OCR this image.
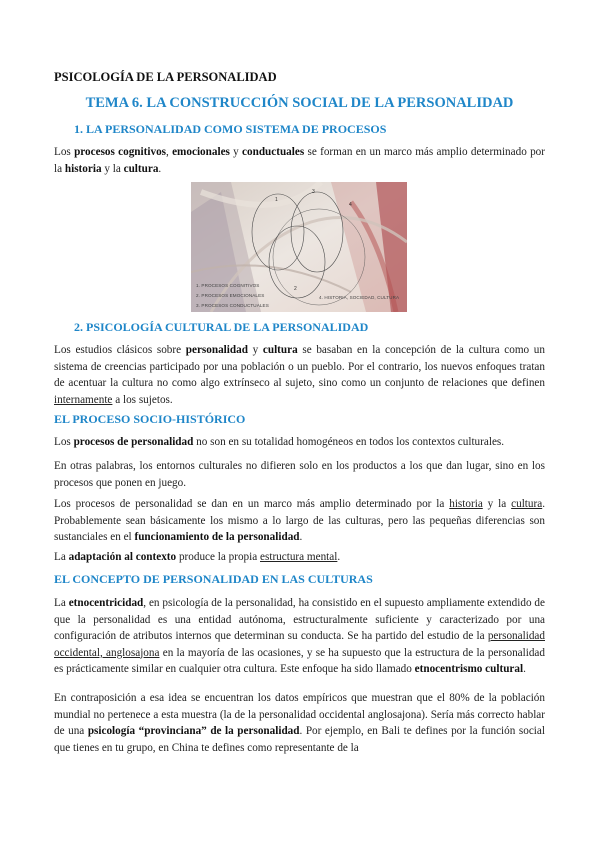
PSICOLOGÍA DE LA PERSONALIDAD
TEMA 6. LA CONSTRUCCIÓN SOCIAL DE LA PERSONALIDAD
1. LA PERSONALIDAD COMO SISTEMA DE PROCESOS
Los procesos cognitivos, emocionales y conductuales se forman en un marco más amplio determinado por la historia y la cultura.
1
2
3
4
1. PROCESOS COGNITIVOS
2. PROCESOS EMOCIONALES
3. PROCESOS CONDUCTUALES
4. HISTORIA, SOCIEDAD, CULTURA
2. PSICOLOGÍA CULTURAL DE LA PERSONALIDAD
Los estudios clásicos sobre personalidad y cultura se basaban en la concepción de la cultura como un sistema de creencias participado por una población o un pueblo. Por el contrario, los nuevos enfoques tratan de acentuar la cultura no como algo extrínseco al sujeto, sino como un conjunto de relaciones que definen internamente a los sujetos.
EL PROCESO SOCIO-HISTÓRICO
Los procesos de personalidad no son en su totalidad homogéneos en todos los contextos culturales.
En otras palabras, los entornos culturales no difieren solo en los productos a los que dan lugar, sino en los procesos que ponen en juego.
Los procesos de personalidad se dan en un marco más amplio determinado por la historia y la cultura. Probablemente sean básicamente los mismo a lo largo de las culturas, pero las pequeñas diferencias son sustanciales en el funcionamiento de la personalidad.
La adaptación al contexto produce la propia estructura mental.
EL CONCEPTO DE PERSONALIDAD EN LAS CULTURAS
La etnocentricidad, en psicología de la personalidad, ha consistido en el supuesto ampliamente extendido de que la personalidad es una entidad autónoma, estructuralmente suficiente y caracterizado por una configuración de atributos internos que determinan su conducta. Se ha partido del estudio de la personalidad occidental, anglosajona en la mayoría de las ocasiones, y se ha supuesto que la estructura de la personalidad es prácticamente similar en cualquier otra cultura. Este enfoque ha sido llamado etnocentrismo cultural.
En contraposición a esa idea se encuentran los datos empíricos que muestran que el 80% de la población mundial no pertenece a esta muestra (la de la personalidad occidental anglosajona). Sería más correcto hablar de una psicología “provinciana” de la personalidad. Por ejemplo, en Bali te defines por la función social que tienes en tu grupo, en China te defines como representante de la
